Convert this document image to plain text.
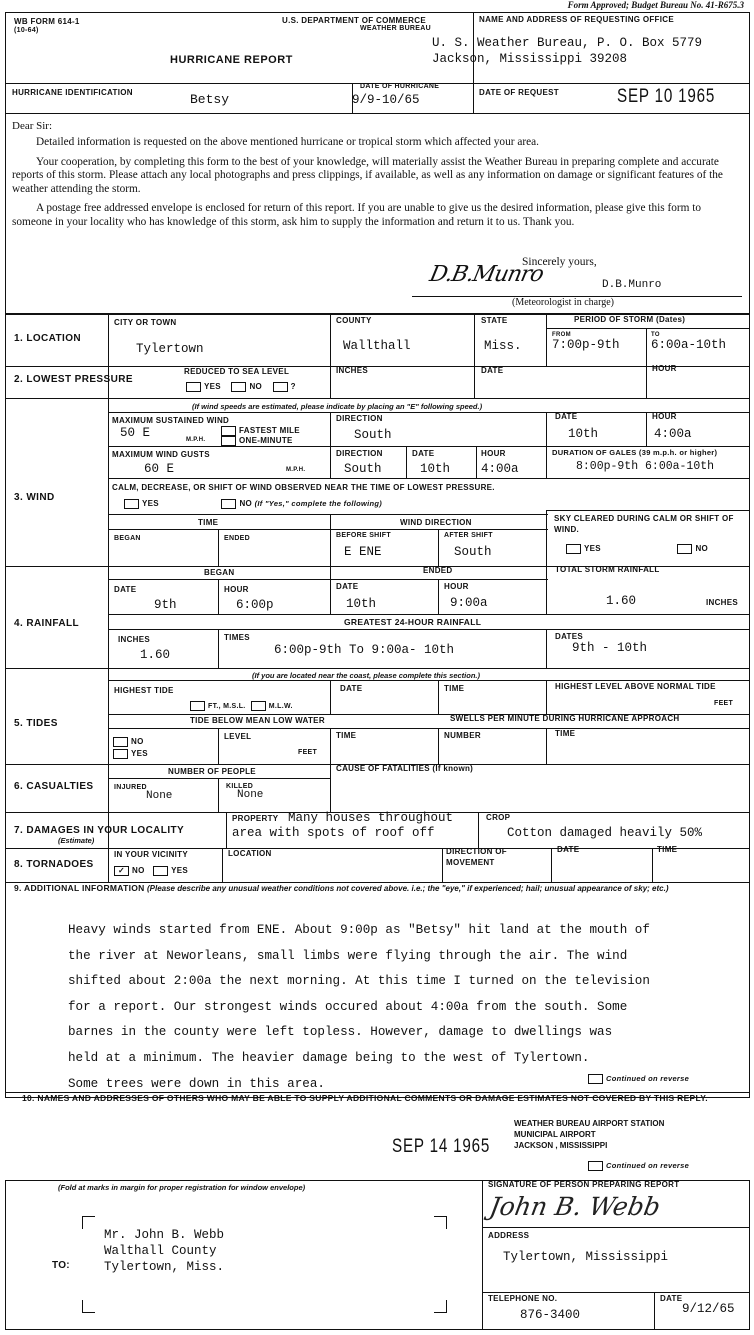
Form Approved; Budget Bureau No. 41-R675.3
WB FORM 614-1
(10-64)
U.S. DEPARTMENT OF COMMERCE
WEATHER BUREAU
HURRICANE REPORT
NAME AND ADDRESS OF REQUESTING OFFICE
U. S. Weather Bureau, P. O. Box 5779
Jackson, Mississippi 39208
HURRICANE IDENTIFICATION	Betsy
DATE OF HURRICANE
9/9-10/65
DATE OF REQUEST	SEP 10 1965
Dear Sir:

Detailed information is requested on the above mentioned hurricane or tropical storm which affected your area.

Your cooperation, by completing this form to the best of your knowledge, will materially assist the Weather Bureau in preparing complete and accurate reports of this storm. Please attach any local photographs and press clippings, if available, as well as any information on damage or significant features of the weather attending the storm.

A postage free addressed envelope is enclosed for return of this report. If you are unable to give us the desired information, please give this form to someone in your locality who has knowledge of this storm, ask him to supply the information and return it to us. Thank you.

Sincerely yours,
D.B.Munro	D.B.Munro
(Meteorologist in charge)
1. LOCATION
CITY OR TOWN
Tylertown
COUNTY
Wallthall
STATE
Miss.
PERIOD OF STORM (Dates)
FROM
7:00p-9th
TO
6:00a-10th
2. LOWEST PRESSURE
REDUCED TO SEA LEVEL
YES	NO	?
INCHES	DATE	HOUR
3. WIND
(If wind speeds are estimated, please indicate by placing an "E" following speed.)
MAXIMUM SUSTAINED WIND
50 E	M.P.H.
FASTEST MILE
ONE-MINUTE
DIRECTION
South
DATE
10th
HOUR
4:00a
MAXIMUM WIND GUSTS
60 E	M.P.H.
DIRECTION
South
DATE
10th
HOUR
4:00a
DURATION OF GALES (39 m.p.h. or higher)
8:00p-9th 6:00a-10th
CALM, DECREASE, OR SHIFT OF WIND OBSERVED NEAR THE TIME OF LOWEST PRESSURE.
YES	NO (If "Yes," complete the following)
TIME	WIND DIRECTION
BEGAN	ENDED	BEFORE SHIFT
E ENE
AFTER SHIFT
South
SKY CLEARED DURING CALM OR SHIFT OF WIND.
YES	NO
4. RAINFALL
BEGAN	ENDED
DATE
9th
HOUR
6:00p
DATE
10th
HOUR
9:00a
TOTAL STORM RAINFALL
1.60	INCHES
GREATEST 24-HOUR RAINFALL
INCHES
1.60
TIMES
6:00p-9th To 9:00a- 10th
DATES
9th - 10th
(If you are located near the coast, please complete this section.)
5. TIDES
HIGHEST TIDE
FT., M.S.L.	M.L.W.
DATE	TIME	HIGHEST LEVEL ABOVE NORMAL TIDE
FEET
TIDE BELOW MEAN LOW WATER	SWELLS PER MINUTE DURING HURRICANE APPROACH
NO
YES
LEVEL
FEET
TIME	NUMBER	TIME
6. CASUALTIES
NUMBER OF PEOPLE
INJURED
None
KILLED
None
CAUSE OF FATALITIES (If known)
7. DAMAGES IN YOUR LOCALITY
(Estimate)
PROPERTY Many houses throughout
area with spots of roof off
CROP
Cotton damaged heavily 50%
8. TORNADOES
IN YOUR VICINITY
✓ NO	YES
LOCATION	DIRECTION OF MOVEMENT
DATE	TIME
9. ADDITIONAL INFORMATION (Please describe any unusual weather conditions not covered above. i.e.; the "eye," if experienced; hail; unusual appearance of sky; etc.)
Heavy winds started from ENE. About 9:00p as "Betsy" hit land at the mouth of
the river at Neworleans, small limbs were flying through the air. The wind
shifted about 2:00a the next morning. At this time I turned on the television
for a report. Our strongest winds occured about 4:00a from the south. Some
barnes in the county were left topless. However, damage to dwellings was
held at a minimum. The heavier damage being to the west of Tylertown.
Some trees were down in this area.	Continued on reverse
10. NAMES AND ADDRESSES OF OTHERS WHO MAY BE ABLE TO SUPPLY ADDITIONAL COMMENTS OR DAMAGE ESTIMATES NOT COVERED BY THIS REPLY.
SEP 14 1965
WEATHER BUREAU AIRPORT STATION
MUNICIPAL AIRPORT
JACKSON , MISSISSIPPI
Continued on reverse
(Fold at marks in margin for proper registration for window envelope)
TO:
Mr. John B. Webb
Walthall County
Tylertown, Miss.
SIGNATURE OF PERSON PREPARING REPORT
John B. Webb
ADDRESS
Tylertown, Mississippi
TELEPHONE NO.
876-3400
DATE
9/12/65
